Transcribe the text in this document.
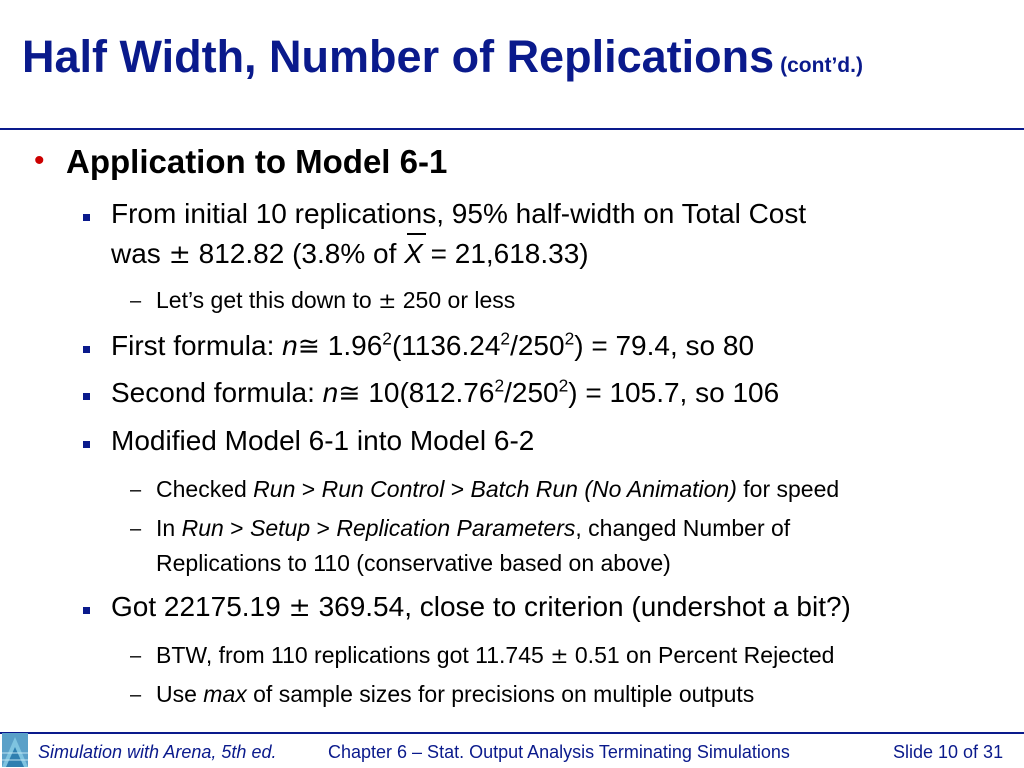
Half Width, Number of Replications (cont’d.)
• Application to Model 6-1
From initial 10 replications, 95% half-width on Total Cost
was ± 812.82 (3.8% of X = 21,618.33)
– Let’s get this down to ± 250 or less
First formula: n≅ $1.96^2(1136.24^2/250^2) = 79.4$, so 80
Second formula: n≅ $10(812.76^2/250^2) = 105.7$, so 106
Modified Model 6-1 into Model 6-2
– Checked Run > Run Control > Batch Run (No Animation) for speed
– In Run > Setup > Replication Parameters, changed Number of
Replications to 110 (conservative based on above)
Got 22175.19 ± 369.54, close to criterion (undershot a bit?)
– BTW, from 110 replications got 11.745 ± 0.51 on Percent Rejected
– Use max of sample sizes for precisions on multiple outputs
Simulation with Arena, 5th ed.	Chapter 6 – Stat. Output Analysis Terminating Simulations	Slide 10 of 31
